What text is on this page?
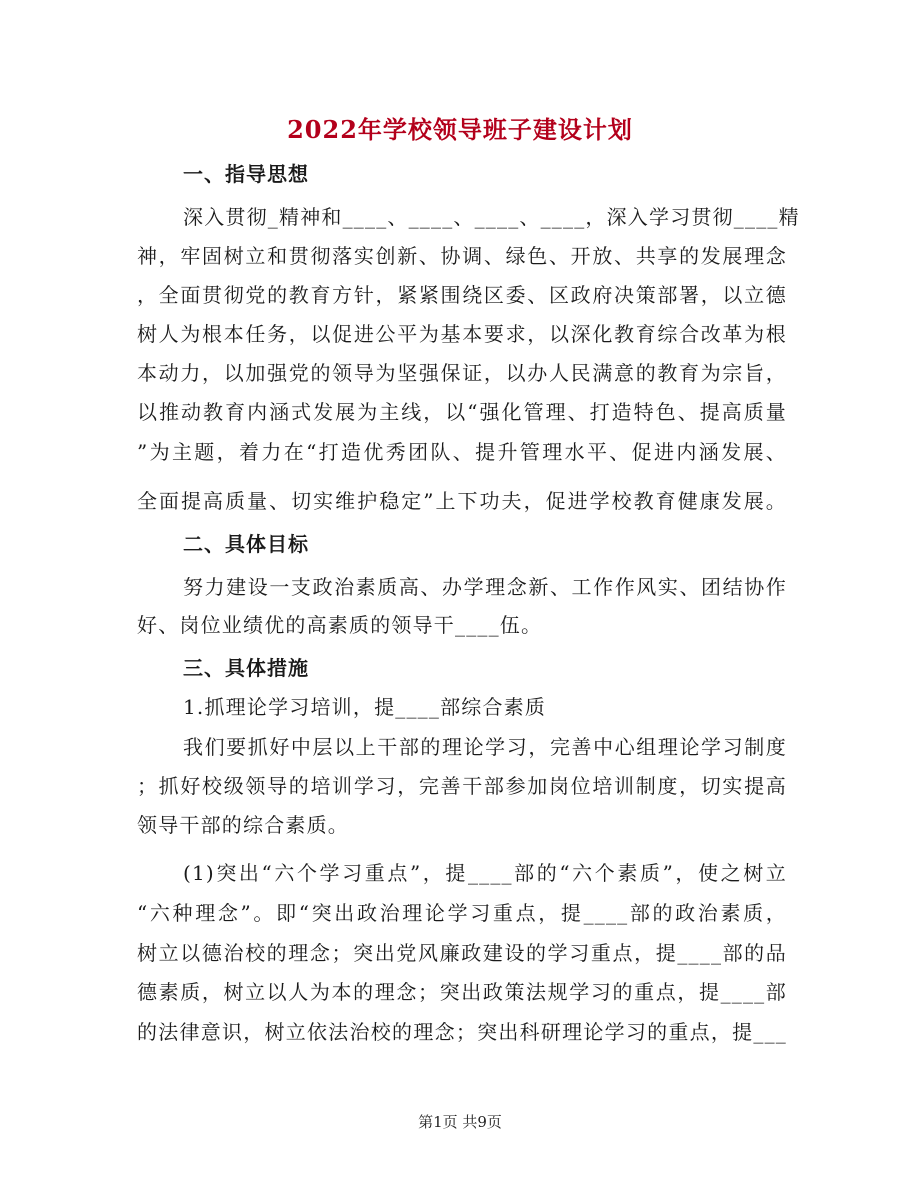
2022年学校领导班子建设计划
一、指导思想
深入贯彻_精神和____、____、____、____，深入学习贯彻____精
神，牢固树立和贯彻落实创新、协调、绿色、开放、共享的发展理念
，全面贯彻党的教育方针，紧紧围绕区委、区政府决策部署，以立德
树人为根本任务，以促进公平为基本要求，以深化教育综合改革为根
本动力，以加强党的领导为坚强保证，以办人民满意的教育为宗旨，
以推动教育内涵式发展为主线，以“强化管理、打造特色、提高质量
”为主题，着力在“打造优秀团队、提升管理水平、促进内涵发展、
全面提高质量、切实维护稳定”上下功夫，促进学校教育健康发展。
二、具体目标
努力建设一支政治素质高、办学理念新、工作作风实、团结协作
好、岗位业绩优的高素质的领导干____伍。
三、具体措施
1.抓理论学习培训，提____部综合素质
我们要抓好中层以上干部的理论学习，完善中心组理论学习制度
；抓好校级领导的培训学习，完善干部参加岗位培训制度，切实提高
领导干部的综合素质。
(1)突出“六个学习重点”，提____部的“六个素质”，使之树立
“六种理念”。即“突出政治理论学习重点，提____部的政治素质，
树立以德治校的理念；突出党风廉政建设的学习重点，提____部的品
德素质，树立以人为本的理念；突出政策法规学习的重点，提____部
的法律意识，树立依法治校的理念；突出科研理论学习的重点，提___
第1页 共9页
